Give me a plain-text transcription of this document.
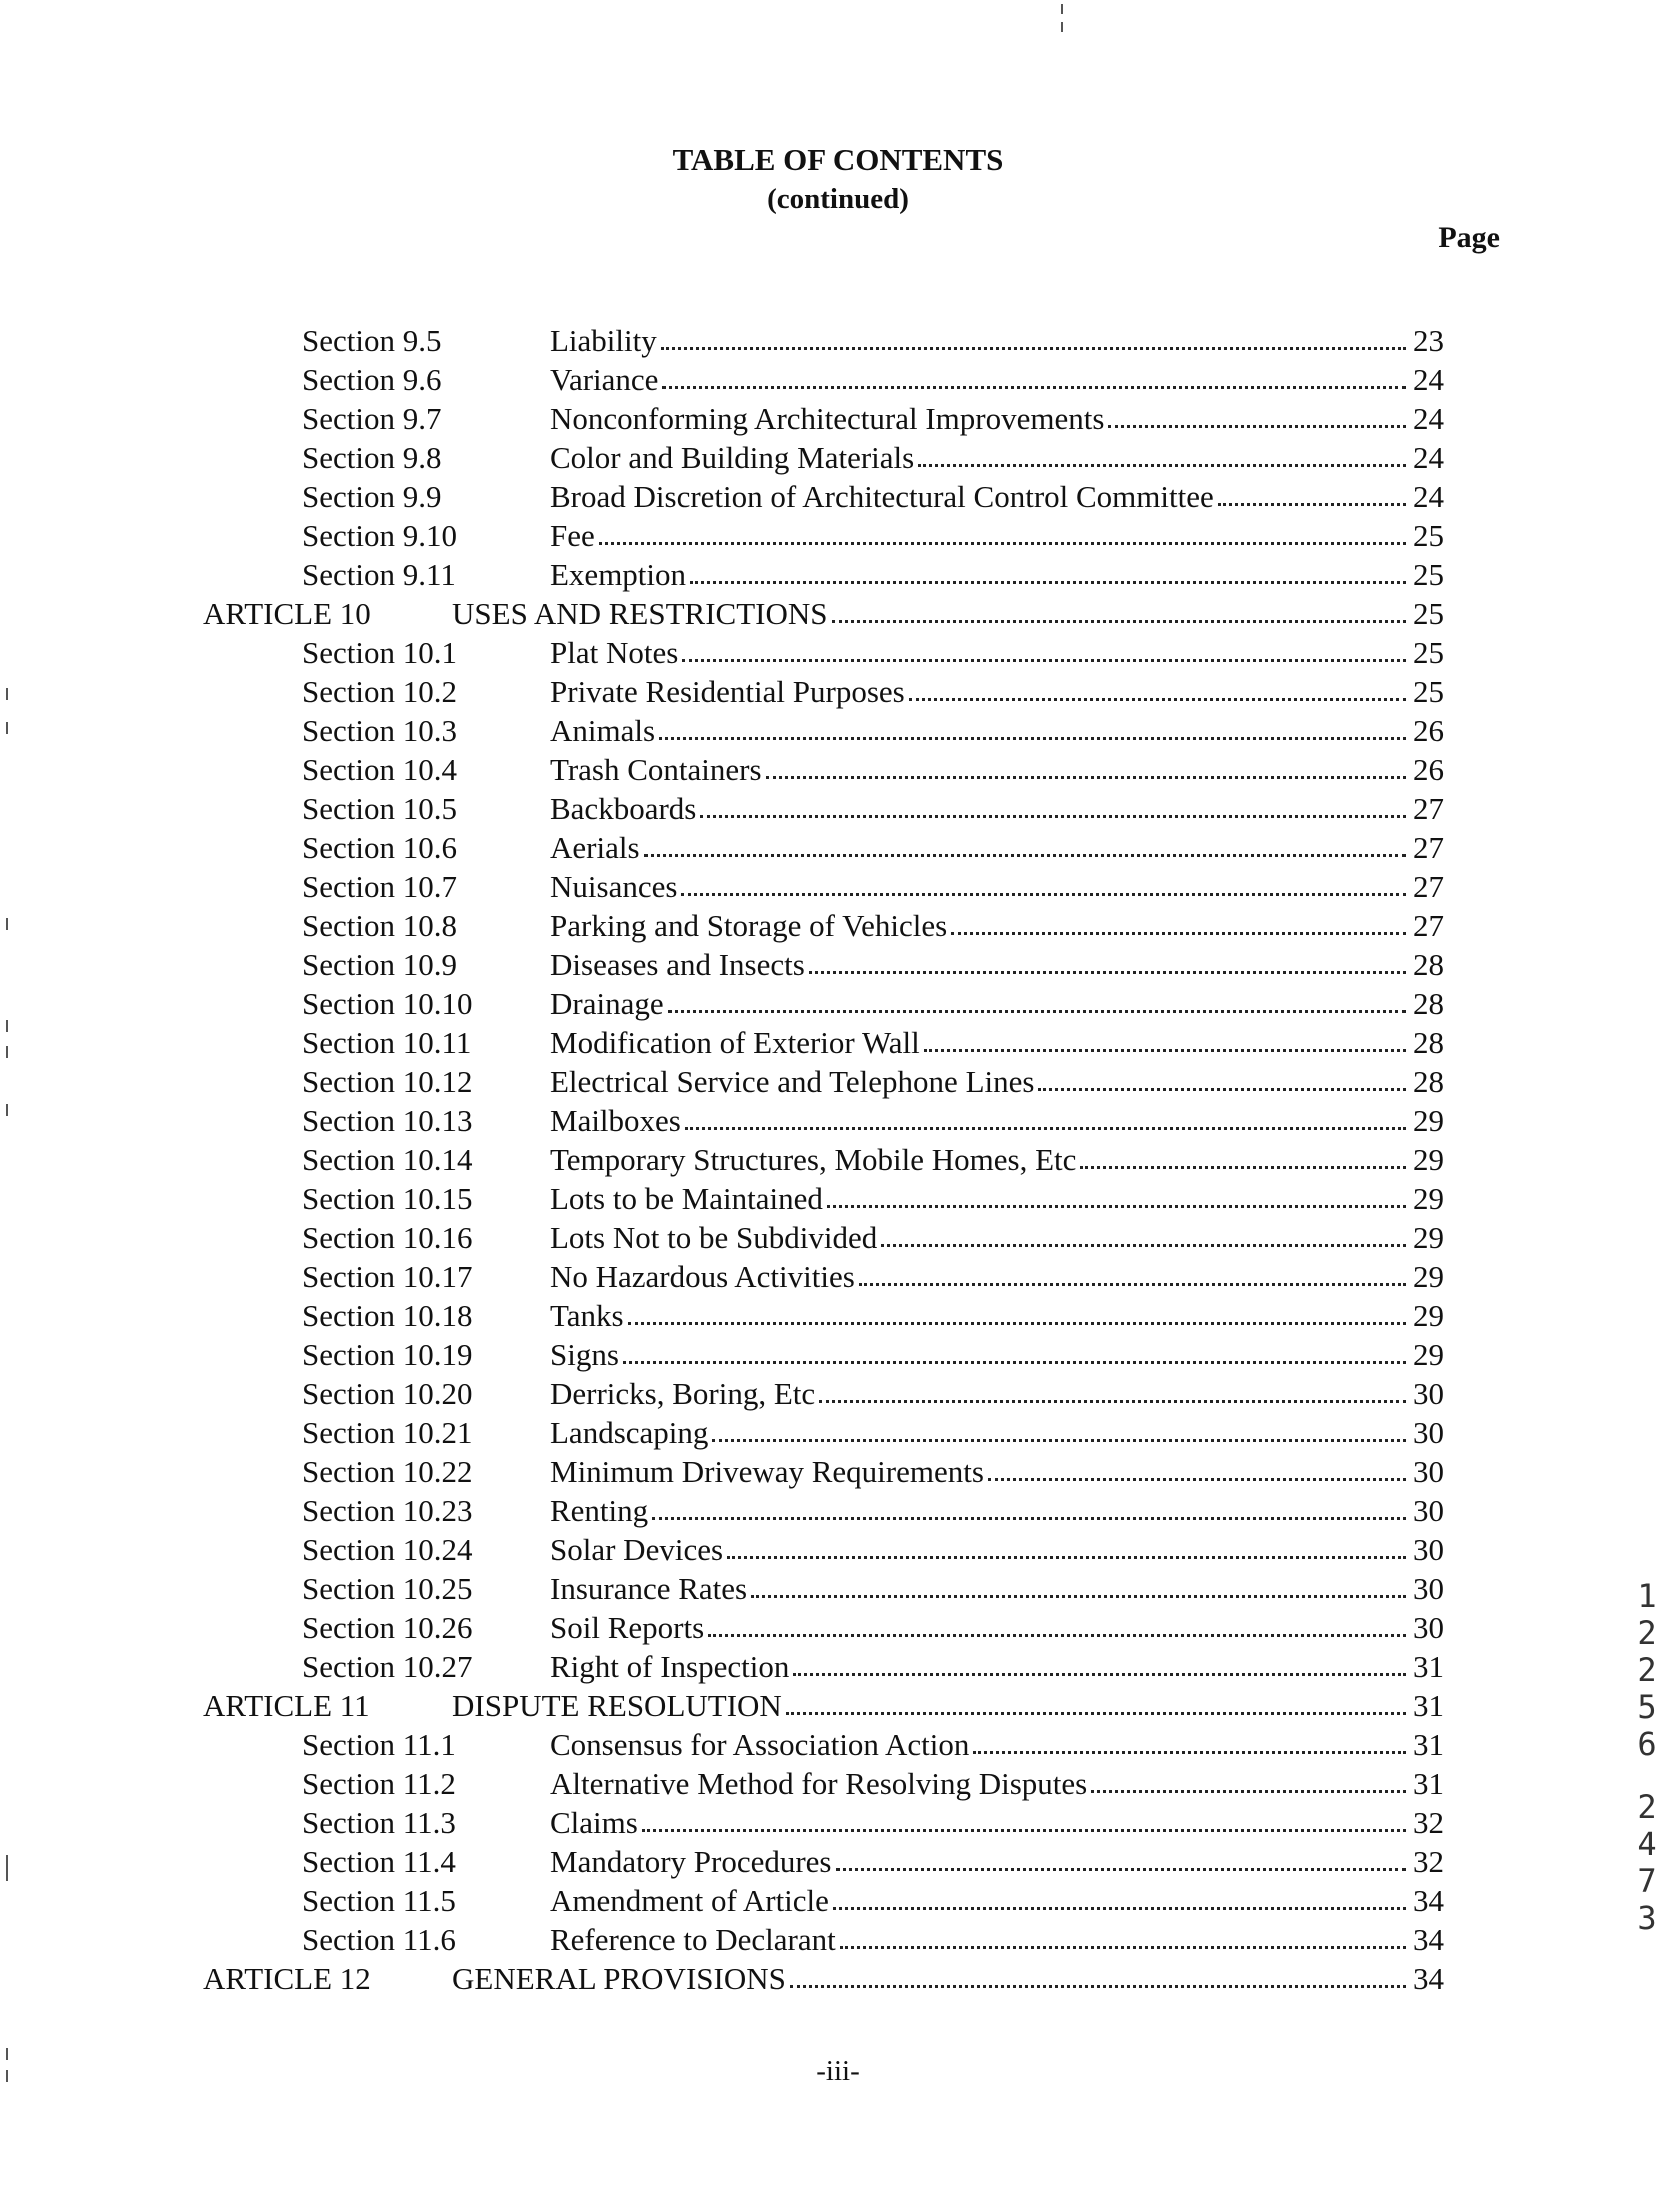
TABLE OF CONTENTS
(continued)
Page
Section 9.5	Liability	23
Section 9.6	Variance	24
Section 9.7	Nonconforming Architectural Improvements	24
Section 9.8	Color and Building Materials	24
Section 9.9	Broad Discretion of Architectural Control Committee	24
Section 9.10	Fee	25
Section 9.11	Exemption	25
ARTICLE 10	USES AND RESTRICTIONS	25
Section 10.1	Plat Notes	25
Section 10.2	Private Residential Purposes	25
Section 10.3	Animals	26
Section 10.4	Trash Containers	26
Section 10.5	Backboards	27
Section 10.6	Aerials	27
Section 10.7	Nuisances	27
Section 10.8	Parking and Storage of Vehicles	27
Section 10.9	Diseases and Insects	28
Section 10.10	Drainage	28
Section 10.11	Modification of Exterior Wall	28
Section 10.12	Electrical Service and Telephone Lines	28
Section 10.13	Mailboxes	29
Section 10.14	Temporary Structures, Mobile Homes, Etc	29
Section 10.15	Lots to be Maintained	29
Section 10.16	Lots Not to be Subdivided	29
Section 10.17	No Hazardous Activities	29
Section 10.18	Tanks	29
Section 10.19	Signs	29
Section 10.20	Derricks, Boring, Etc	30
Section 10.21	Landscaping	30
Section 10.22	Minimum Driveway Requirements	30
Section 10.23	Renting	30
Section 10.24	Solar Devices	30
Section 10.25	Insurance Rates	30
Section 10.26	Soil Reports	30
Section 10.27	Right of Inspection	31
ARTICLE 11	DISPUTE RESOLUTION	31
Section 11.1	Consensus for Association Action	31
Section 11.2	Alternative Method for Resolving Disputes	31
Section 11.3	Claims	32
Section 11.4	Mandatory Procedures	32
Section 11.5	Amendment of Article	34
Section 11.6	Reference to Declarant	34
ARTICLE 12	GENERAL PROVISIONS	34
-iii-
1
2
2
5
6
2
4
7
3
